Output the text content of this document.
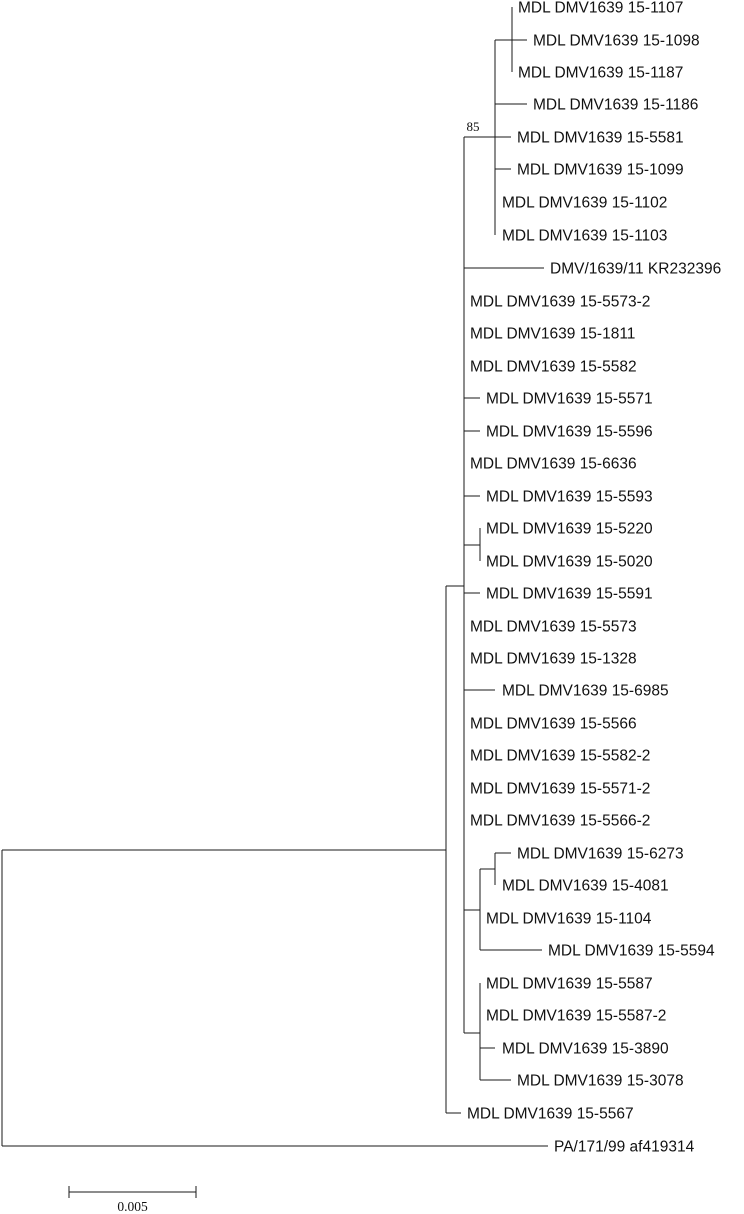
MDL DMV1639 15-1107
MDL DMV1639 15-1098
MDL DMV1639 15-1187
MDL DMV1639 15-1186
MDL DMV1639 15-5581
MDL DMV1639 15-1099
MDL DMV1639 15-1102
MDL DMV1639 15-1103
DMV/1639/11 KR232396
MDL DMV1639 15-5573-2
MDL DMV1639 15-1811
MDL DMV1639 15-5582
MDL DMV1639 15-5571
MDL DMV1639 15-5596
MDL DMV1639 15-6636
MDL DMV1639 15-5593
MDL DMV1639 15-5220
MDL DMV1639 15-5020
MDL DMV1639 15-5591
MDL DMV1639 15-5573
MDL DMV1639 15-1328
MDL DMV1639 15-6985
MDL DMV1639 15-5566
MDL DMV1639 15-5582-2
MDL DMV1639 15-5571-2
MDL DMV1639 15-5566-2
MDL DMV1639 15-6273
MDL DMV1639 15-4081
MDL DMV1639 15-1104
MDL DMV1639 15-5594
MDL DMV1639 15-5587
MDL DMV1639 15-5587-2
MDL DMV1639 15-3890
MDL DMV1639 15-3078
MDL DMV1639 15-5567
PA/171/99 af419314
85
0.005
